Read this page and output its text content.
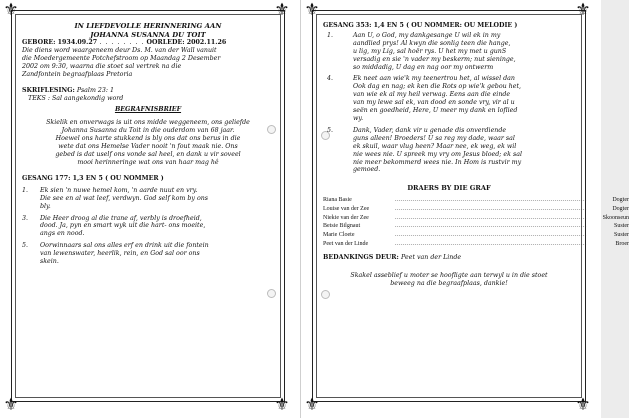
⚜	⚜
⚜	⚜
IN LIEFDEVOLLE HERINNERING AAN
JOHANNA SUSANNA DU TOIT
GEBORE: 1934.09.27 . . . . . . . . OORLEDE: 2002.11.26
Die diens word waargeneem deur Ds. M. van der Wall vanuit
die Moedergemeente Potchefstroom op Maandag 2 Desember
2002 om 9:30, waarna die stoet sal vertrek na die
Zandfontein begraafplaas Pretoria
SKRIFLESING: Psalm 23: 1
TEKS : Sal aangekondig word
BEGRAFNISBRIEF
Skielik en onverwags is uit ons midde weggeneem, ons geliefde
Johanna Susanna du Toit in die ouderdom van 68 jaar.
Hoewel ons harte stukkend is bly ons dat ons berus in die
wete dat ons Hemelse Vader nooit 'n fout maak nie. Ons
gebed is dat uself ons vonde sal heel, en dank u vir soveel
mooi herinneringe wat ons van haar mag hê
GESANG 177: 1,3 EN 5 ( OU NOMMER )
1.	Ek sien 'n nuwe hemel kom, 'n aarde nuut en vry.
Die see en al wat leef, verdwyn. God self kom by ons
bly.
3.	Die Heer droog al die trane af, verbly is droefheid,
dood. Ja, pyn en smart wyk uit die hart- ons moeite,
angs en nood.
5.	Oorwinnaars sal ons alles erf en drink uit die fontein
van lewenswater, heerlik, rein, en God sal oor ons
skein.
⚜	⚜
⚜	⚜
GESANG 353: 1,4 EN 5 ( OU NOMMER: OU MELODIE )
1.	Aan U, o God, my dankgesange U wil ek in my
aandlied prys! Al kwyn die sonlig teen die hange,
u lig, my Lig, sal hoër rys. U het my met u gunS
versadig en sie 'n vader my beskerm; nut sieninge,
so middadig, U dag en nag oor my ontwerm
4.	Ek neet aan wie'k my teenertrou het, al wissel dan
Ook dag en nag; ek ken die Rots op wie'k gebou het,
van wie ek al my heil verwag. Eens aan die einde
van my lewe sal ek, van dood en sonde vry, vir al u
seën en goedheid, Here, U meer my dank en loflied
wy.
5.	Dank, Vader, dank vir u genade dis onverdiende
guns alleen! Broeders! U sa reg my dade, waar sal
ek skuil, waar vlug heen? Maar nee, ek weg, ek wil
nie wees nie. U spreek my vry om Jesus bloed; ek sal
nie meer bekommerd wees nie. In Hom is rustvir my
gemoed.
DRAERS BY DIE GRAF
Riana Basie	................................................................................................	Dogter
Louise van der Zee	................................................................................................	Dogter
Niekie van der Zee	................................................................................................	Skoonseun
Betsie Bilgnaut	................................................................................................	Suster
Marie Cloete	................................................................................................	Suster
Peet van der Linde	................................................................................................	Broer
BEDANKINGS DEUR: Peet van der Linde
Skakel asseblief u moter se hoofligte aan terwyl u in die stoet
beweeg na die begraafplaas, dankie!
